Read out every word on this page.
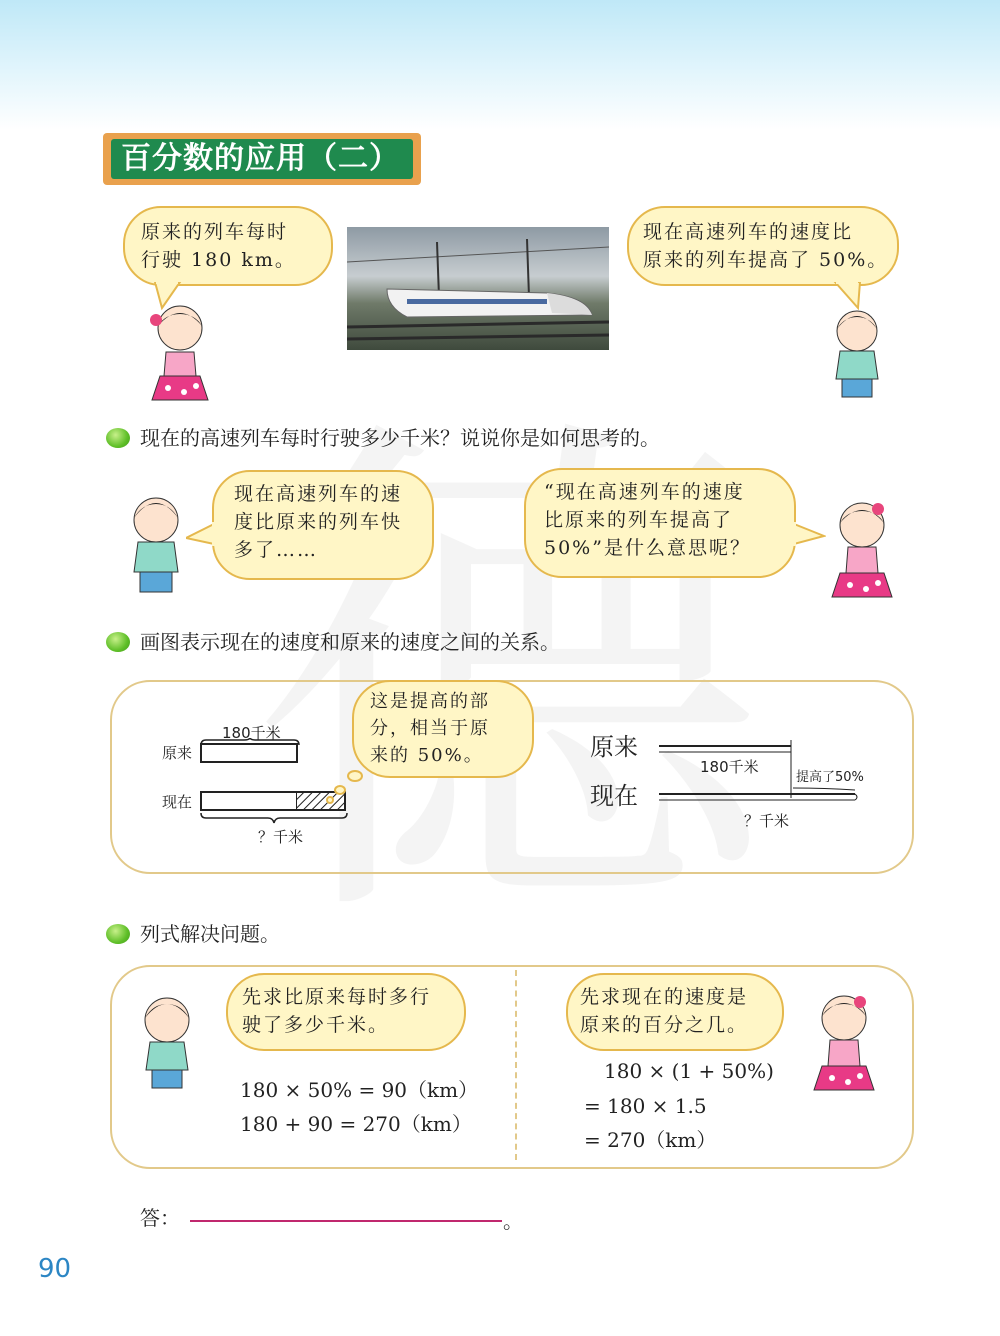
百分数的应用（二）
原来的列车每时
行驶 180 km。
现在高速列车的速度比
原来的列车提高了 50%。
现在的高速列车每时行驶多少千米？说说你是如何思考的。
现在高速列车的速
度比原来的列车快
多了……
“现在高速列车的速度
比原来的列车提高了
50%”是什么意思呢？
画图表示现在的速度和原来的速度之间的关系。
原来
180千米
现在
？千米
这是提高的部
分，相当于原
来的 50%。	原来
现在
180千米
提高了50%
？千米
列式解决问题。
先求比原来每时多行
驶了多少千米。
180 × 50% = 90（km）
180 + 90 = 270（km）
先求现在的速度是
原来的百分之几。
180 × (1 + 50%)
= 180 × 1.5
= 270（km）
答：	。
90
